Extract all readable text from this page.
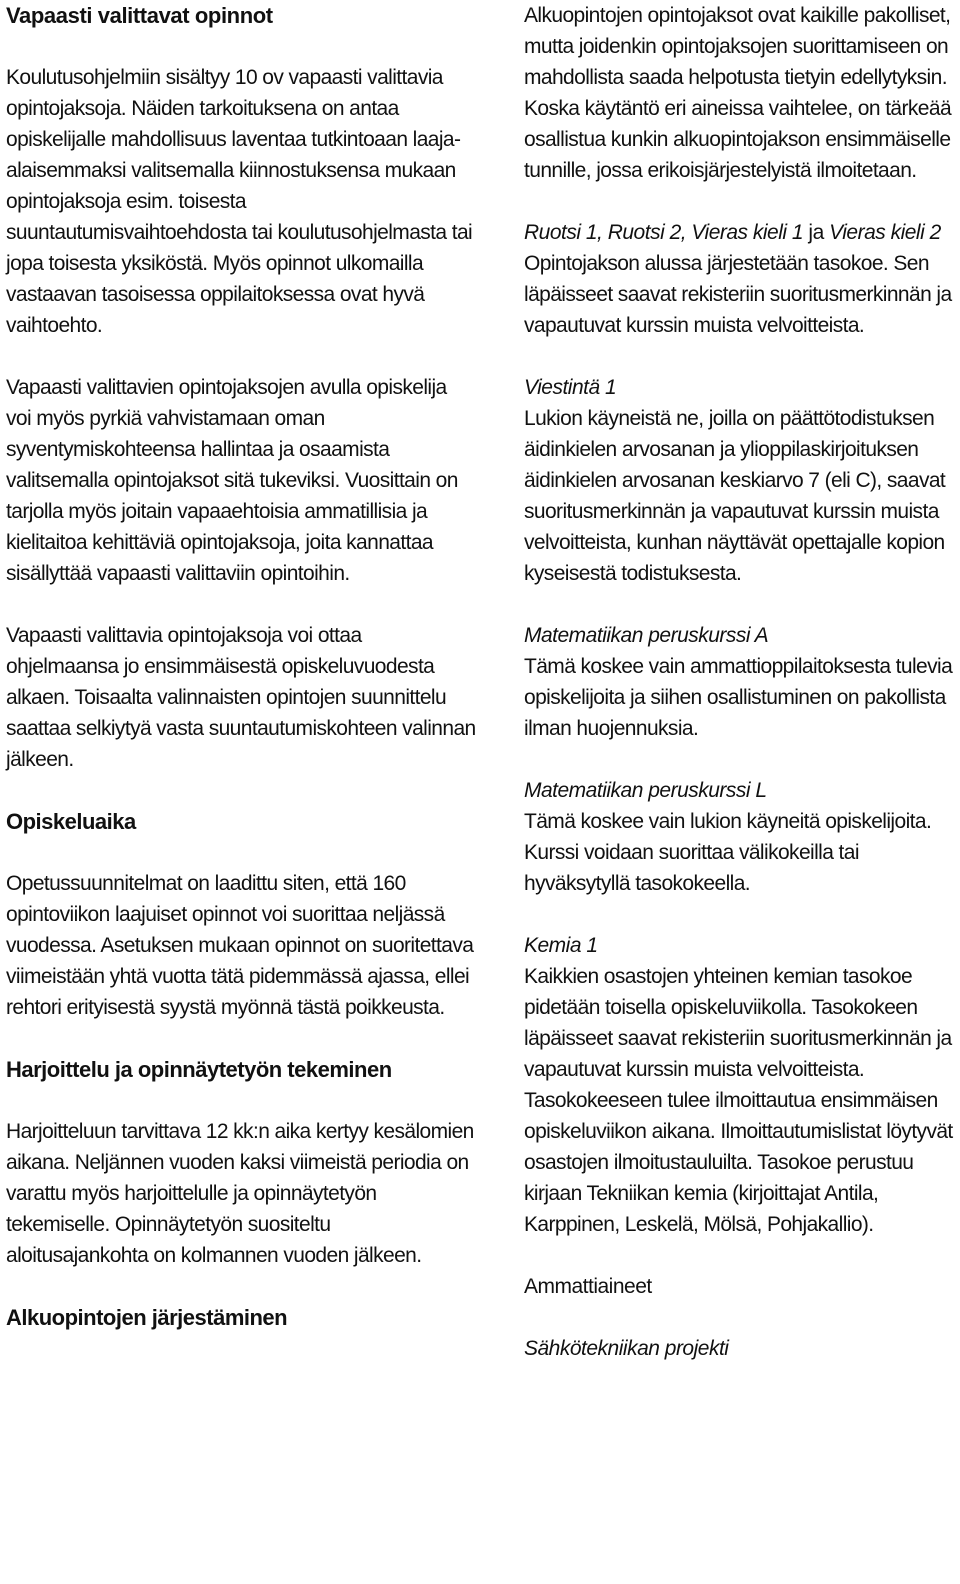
Vapaasti valittavat opinnot

Koulutusohjelmiin sisältyy 10 ov vapaasti valittavia opintojaksoja. Näiden tarkoituksena on antaa opiskelijalle mahdollisuus laventaa tutkintoaan laaja-alaisemmaksi valitsemalla kiinnostuksensa mukaan opintojaksoja esim. toisesta suuntautumisvaihtoehdosta tai koulutusohjelmasta tai jopa toisesta yksiköstä. Myös opinnot ulkomailla vastaavan tasoisessa oppilaitoksessa ovat hyvä vaihtoehto.

Vapaasti valittavien opintojaksojen avulla opiskelija voi myös pyrkiä vahvistamaan oman syventymiskohteensa hallintaa ja osaamista valitsemalla opintojaksot sitä tukeviksi. Vuosittain on tarjolla myös joitain vapaaehtoisia ammatillisia ja kielitaitoa kehittäviä opintojaksoja, joita kannattaa sisällyttää vapaasti valittaviin opintoihin.

Vapaasti valittavia opintojaksoja voi ottaa ohjelmaansa jo ensimmäisestä opiskeluvuodesta alkaen. Toisaalta valinnaisten opintojen suunnittelu saattaa selkiytyä vasta suuntautumiskohteen valinnan jälkeen.

Opiskeluaika

Opetussuunnitelmat on laadittu siten, että 160 opintoviikon laajuiset opinnot voi suorittaa neljässä vuodessa. Asetuksen mukaan opinnot on suoritettava viimeistään yhtä vuotta tätä pidemmässä ajassa, ellei rehtori erityisestä syystä myönnä tästä poikkeusta.

Harjoittelu ja opinnäytetyön tekeminen

Harjoitteluun tarvittava 12 kk:n aika kertyy kesälomien aikana. Neljännen vuoden kaksi viimeistä periodia on varattu myös harjoittelulle ja opinnäytetyön tekemiselle. Opinnäytetyön suositeltu aloitusajankohta on kolmannen vuoden jälkeen.

Alkuopintojen järjestäminen

Alkuopintojen opintojaksot ovat kaikille pakolliset, mutta joidenkin opintojaksojen suorittamiseen on mahdollista saada helpotusta tietyin edellytyksin. Koska käytäntö eri aineissa vaihtelee, on tärkeää osallistua kunkin alkuopintojakson ensimmäiselle tunnille, jossa erikoisjärjestelyistä ilmoitetaan.

Ruotsi 1, Ruotsi 2, Vieras kieli 1 ja Vieras kieli 2

Opintojakson alussa järjestetään tasokoe. Sen läpäisseet saavat rekisteriin suoritusmerkinnän ja vapautuvat kurssin muista velvoitteista.

Viestintä 1

Lukion käyneistä ne, joilla on päättötodistuksen äidinkielen arvosanan ja ylioppilaskirjoituksen äidinkielen arvosanan keskiarvo 7 (eli C), saavat suoritusmerkinnän ja vapautuvat kurssin muista velvoitteista, kunhan näyttävät opettajalle kopion kyseisestä todistuksesta.

Matematiikan peruskurssi A

Tämä koskee vain ammattioppilaitoksesta tulevia opiskelijoita ja siihen osallistuminen on pakollista ilman huojennuksia.

Matematiikan peruskurssi L

Tämä koskee vain lukion käyneitä opiskelijoita. Kurssi voidaan suorittaa välikokeilla tai hyväksytyllä tasokokeella.

Kemia 1

Kaikkien osastojen yhteinen kemian tasokoe pidetään toisella opiskeluviikolla. Tasokokeen läpäisseet saavat rekisteriin suoritusmerkinnän ja vapautuvat kurssin muista velvoitteista. Tasokokeeseen tulee ilmoittautua ensimmäisen opiskeluviikon aikana. Ilmoittautumislistat löytyvät osastojen ilmoitustauluilta. Tasokoe perustuu kirjaan Tekniikan kemia (kirjoittajat Antila, Karppinen, Leskelä, Mölsä, Pohjakallio).

Ammattiaineet

Sähkötekniikan projekti
